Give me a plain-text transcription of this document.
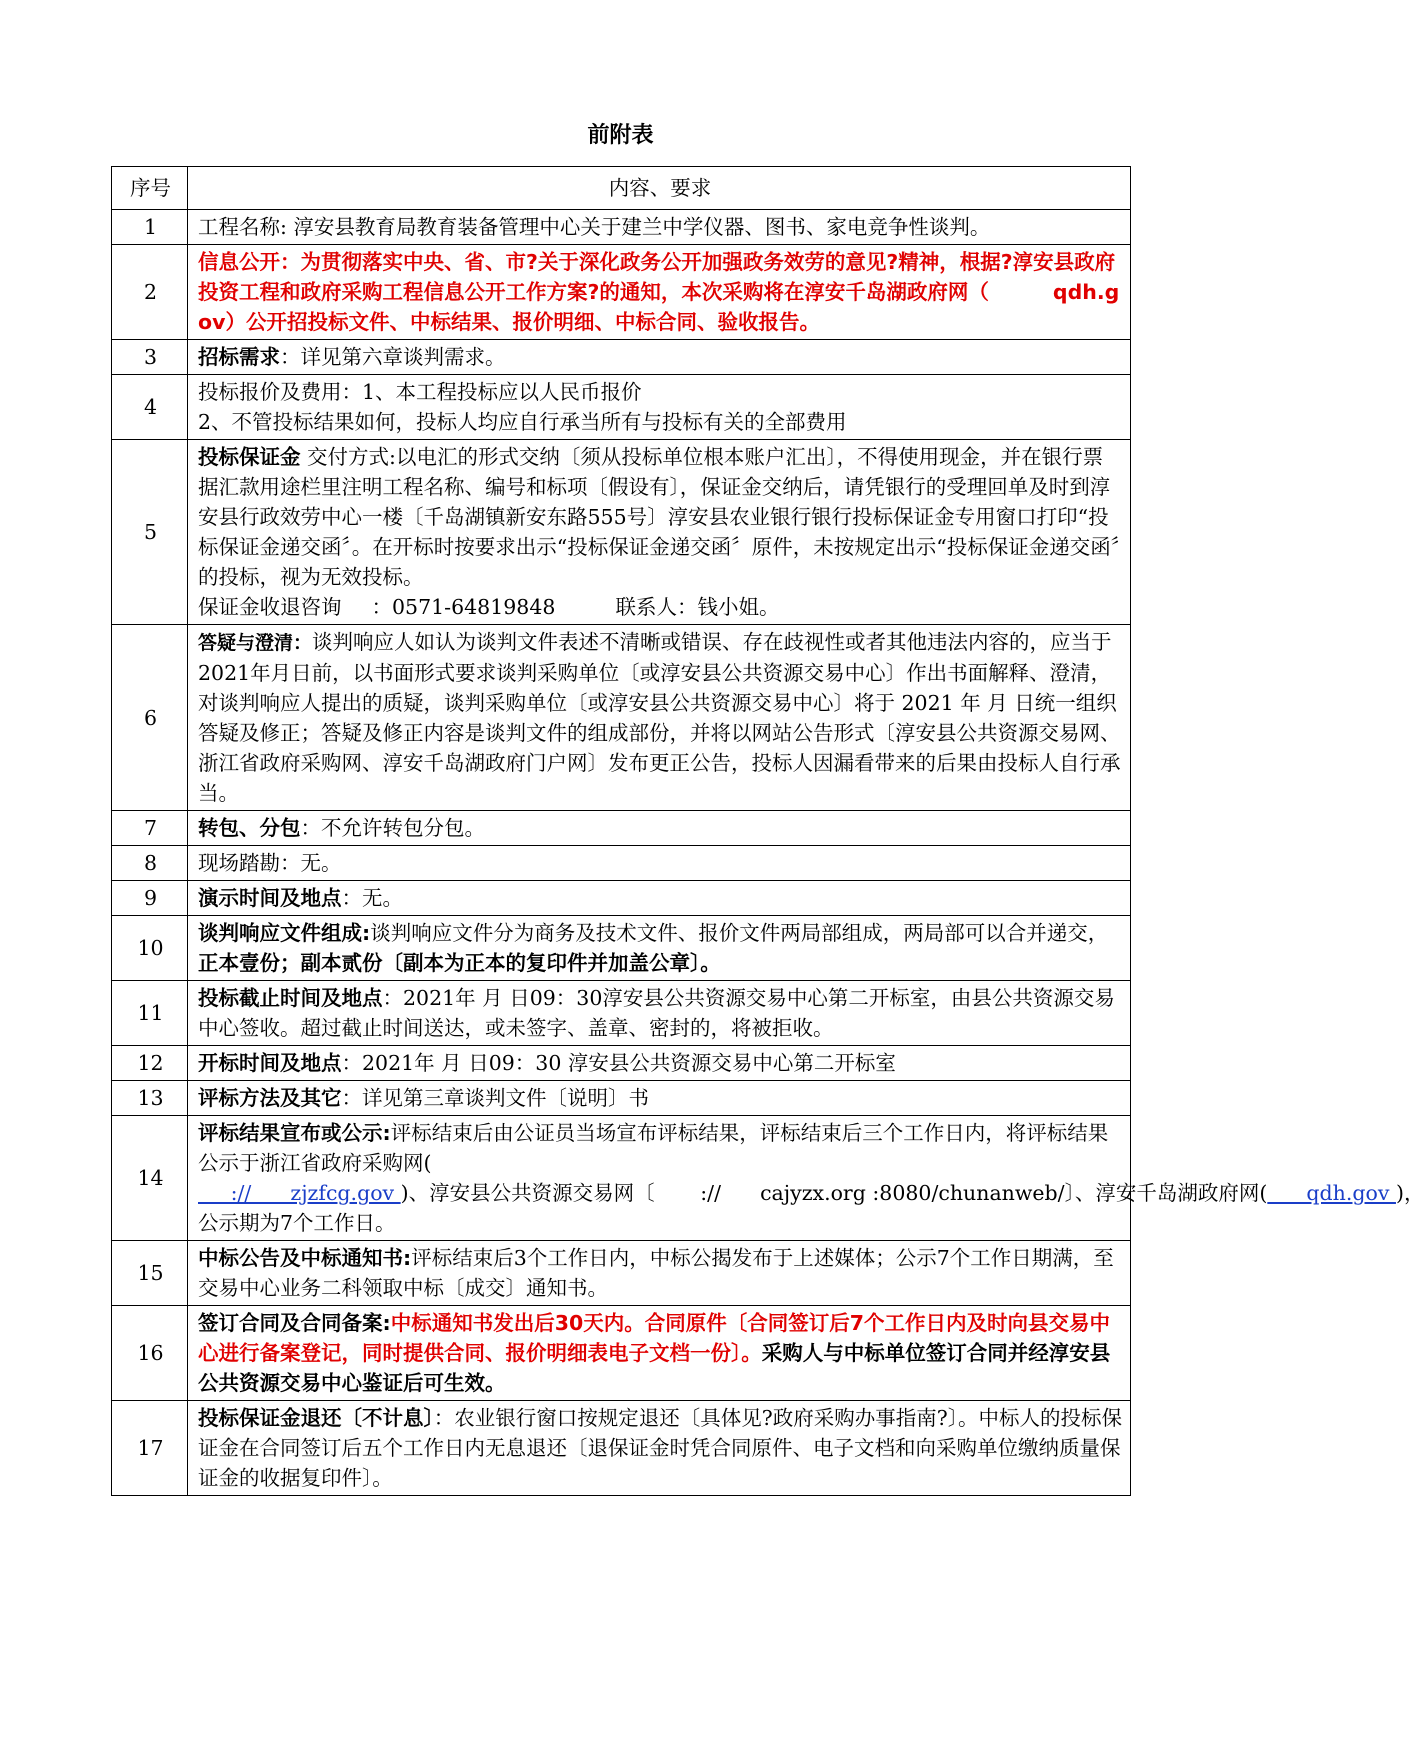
前附表
序号	内容、要求
1	工程名称: 淳安县教育局教育装备管理中心关于建兰中学仪器、图书、家电竞争性谈判。
2	信息公开：为贯彻落实中央、省、市?关于深化政务公开加强政务效劳的意见?精神，根据?淳安县政府投资工程和政府采购工程信息公开工作方案?的通知，本次采购将在淳安千岛湖政府网（ qdh.gov）公开招投标文件、中标结果、报价明细、中标合同、验收报告。
3	招标需求：详见第六章谈判需求。
4	投标报价及费用：1、本工程投标应以人民币报价
2、不管投标结果如何，投标人均应自行承当所有与投标有关的全部费用

5	投标保证金 交付方式:以电汇的形式交纳〔须从投标单位根本账户汇出〕，不得使用现金，并在银行票据汇款用途栏里注明工程名称、编号和标项〔假设有〕，保证金交纳后，请凭银行的受理回单及时到淳安县行政效劳中心一楼〔千岛湖镇新安东路555号〕淳安县农业银行银行投标保证金专用窗口打印“投标保证金递交函〞。在开标时按要求出示“投标保证金递交函〞原件，未按规定出示“投标保证金递交函〞的投标，视为无效投标。
保证金收退咨询 ：0571-64819848 联系人：钱小姐。

6	答疑与澄清：谈判响应人如认为谈判文件表述不清晰或错误、存在歧视性或者其他违法内容的，应当于2021年月日前，以书面形式要求谈判采购单位〔或淳安县公共资源交易中心〕作出书面解释、澄清，对谈判响应人提出的质疑，谈判采购单位〔或淳安县公共资源交易中心〕将于 2021 年 月 日统一组织答疑及修正；答疑及修正内容是谈判文件的组成部份，并将以网站公告形式〔淳安县公共资源交易网、浙江省政府采购网、淳安千岛湖政府门户网〕发布更正公告，投标人因漏看带来的后果由投标人自行承当。
7	转包、分包：不允许转包分包。
8	现场踏勘：无。
9	演示时间及地点：无。
10	谈判响应文件组成:谈判响应文件分为商务及技术文件、报价文件两局部组成，两局部可以合并递交，正本壹份；副本贰份〔副本为正本的复印件并加盖公章〕。
11	投标截止时间及地点：2021年 月 日09：30淳安县公共资源交易中心第二开标室，由县公共资源交易中心签收。超过截止时间送达，或未签字、盖章、密封的，将被拒收。
12	开标时间及地点：2021年 月 日09：30 淳安县公共资源交易中心第二开标室
13	评标方法及其它：详见第三章谈判文件〔说明〕书
14	评标结果宣布或公示:评标结束后由公证员当场宣布评标结果，评标结束后三个工作日内，将评标结果公示于浙江省政府采购网(     ://      zjzfcg.gov )、淳安县公共资源交易网〔       ://      cajyzx.org :8080/chunanweb/〕、淳安千岛湖政府网(      qdh.gov )，公示期为7个工作日。
15	中标公告及中标通知书:评标结束后3个工作日内，中标公揭发布于上述媒体；公示7个工作日期满，至交易中心业务二科领取中标〔成交〕通知书。
16	签订合同及合同备案:中标通知书发出后30天内。合同原件〔合同签订后7个工作日内及时向县交易中心进行备案登记，同时提供合同、报价明细表电子文档一份〕。采购人与中标单位签订合同并经淳安县公共资源交易中心鉴证后可生效。
17	投标保证金退还〔不计息〕：农业银行窗口按规定退还〔具体见?政府采购办事指南?〕。中标人的投标保证金在合同签订后五个工作日内无息退还〔退保证金时凭合同原件、电子文档和向采购单位缴纳质量保证金的收据复印件〕。
